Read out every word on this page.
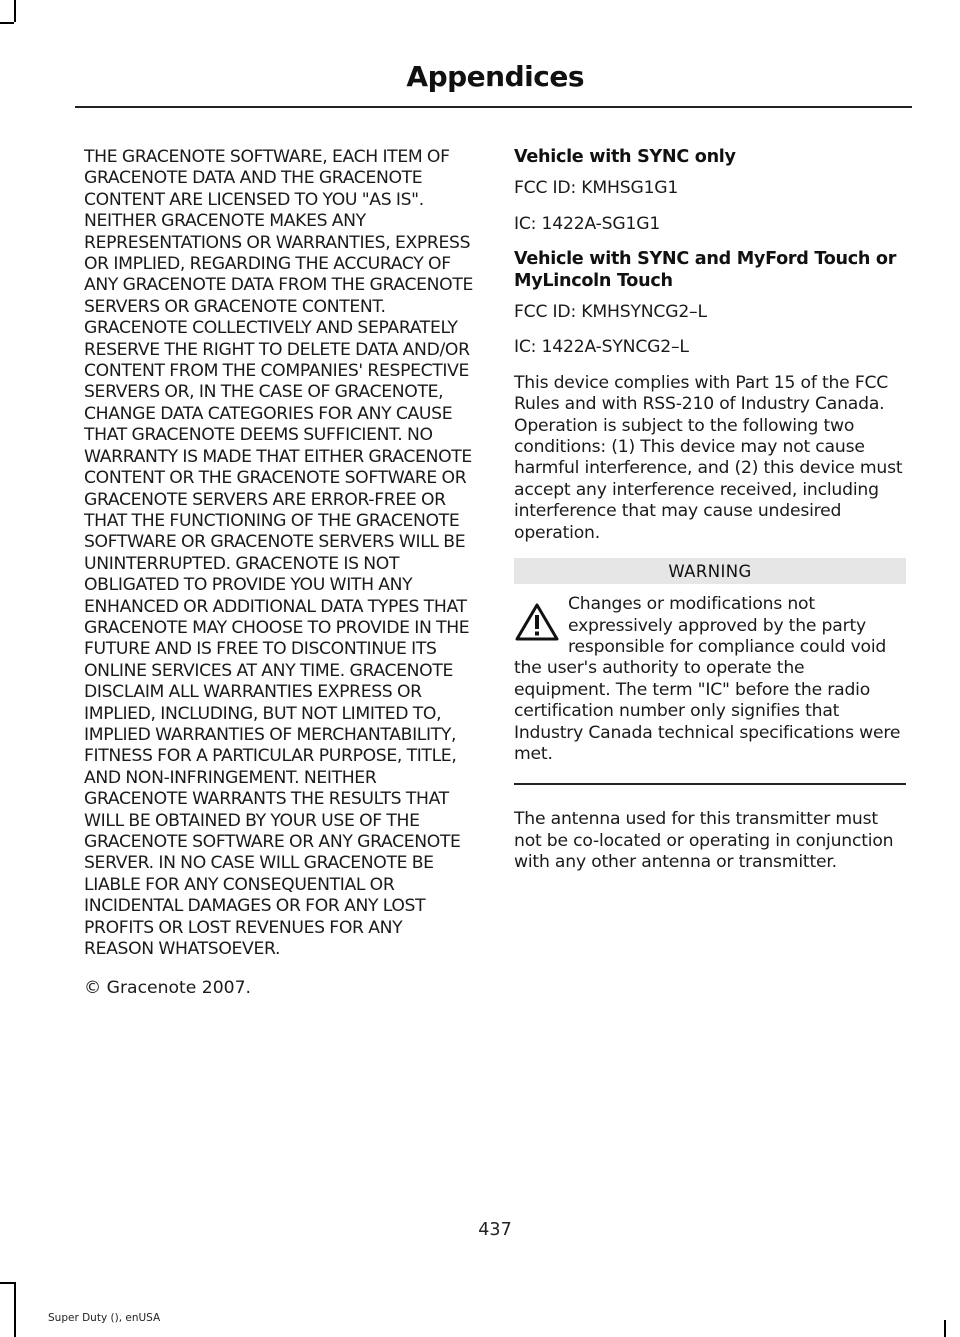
Appendices

THE GRACENOTE SOFTWARE, EACH ITEM OF GRACENOTE DATA AND THE GRACENOTE CONTENT ARE LICENSED TO YOU "AS IS". NEITHER GRACENOTE MAKES ANY REPRESENTATIONS OR WARRANTIES, EXPRESS OR IMPLIED, REGARDING THE ACCURACY OF ANY GRACENOTE DATA FROM THE GRACENOTE SERVERS OR GRACENOTE CONTENT. GRACENOTE COLLECTIVELY AND SEPARATELY RESERVE THE RIGHT TO DELETE DATA AND/OR CONTENT FROM THE COMPANIES' RESPECTIVE SERVERS OR, IN THE CASE OF GRACENOTE, CHANGE DATA CATEGORIES FOR ANY CAUSE THAT GRACENOTE DEEMS SUFFICIENT. NO WARRANTY IS MADE THAT EITHER GRACENOTE CONTENT OR THE GRACENOTE SOFTWARE OR GRACENOTE SERVERS ARE ERROR-FREE OR THAT THE FUNCTIONING OF THE GRACENOTE SOFTWARE OR GRACENOTE SERVERS WILL BE UNINTERRUPTED. GRACENOTE IS NOT OBLIGATED TO PROVIDE YOU WITH ANY ENHANCED OR ADDITIONAL DATA TYPES THAT GRACENOTE MAY CHOOSE TO PROVIDE IN THE FUTURE AND IS FREE TO DISCONTINUE ITS ONLINE SERVICES AT ANY TIME. GRACENOTE DISCLAIM ALL WARRANTIES EXPRESS OR IMPLIED, INCLUDING, BUT NOT LIMITED TO, IMPLIED WARRANTIES OF MERCHANTABILITY, FITNESS FOR A PARTICULAR PURPOSE, TITLE, AND NON-INFRINGEMENT. NEITHER GRACENOTE WARRANTS THE RESULTS THAT WILL BE OBTAINED BY YOUR USE OF THE GRACENOTE SOFTWARE OR ANY GRACENOTE SERVER. IN NO CASE WILL GRACENOTE BE LIABLE FOR ANY CONSEQUENTIAL OR INCIDENTAL DAMAGES OR FOR ANY LOST PROFITS OR LOST REVENUES FOR ANY REASON WHATSOEVER.

© Gracenote 2007.

Vehicle with SYNC only

FCC ID: KMHSG1G1

IC: 1422A-SG1G1

Vehicle with SYNC and MyFord Touch or MyLincoln Touch

FCC ID: KMHSYNCG2–L

IC: 1422A-SYNCG2–L

This device complies with Part 15 of the FCC Rules and with RSS-210 of Industry Canada. Operation is subject to the following two conditions: (1) This device may not cause harmful interference, and (2) this device must accept any interference received, including interference that may cause undesired operation.

WARNING
Changes or modifications not expressively approved by the party responsible for compliance could void the user's authority to operate the equipment. The term "IC" before the radio certification number only signifies that Industry Canada technical specifications were met.

The antenna used for this transmitter must not be co-located or operating in conjunction with any other antenna or transmitter.

437
Super Duty (), enUSA
